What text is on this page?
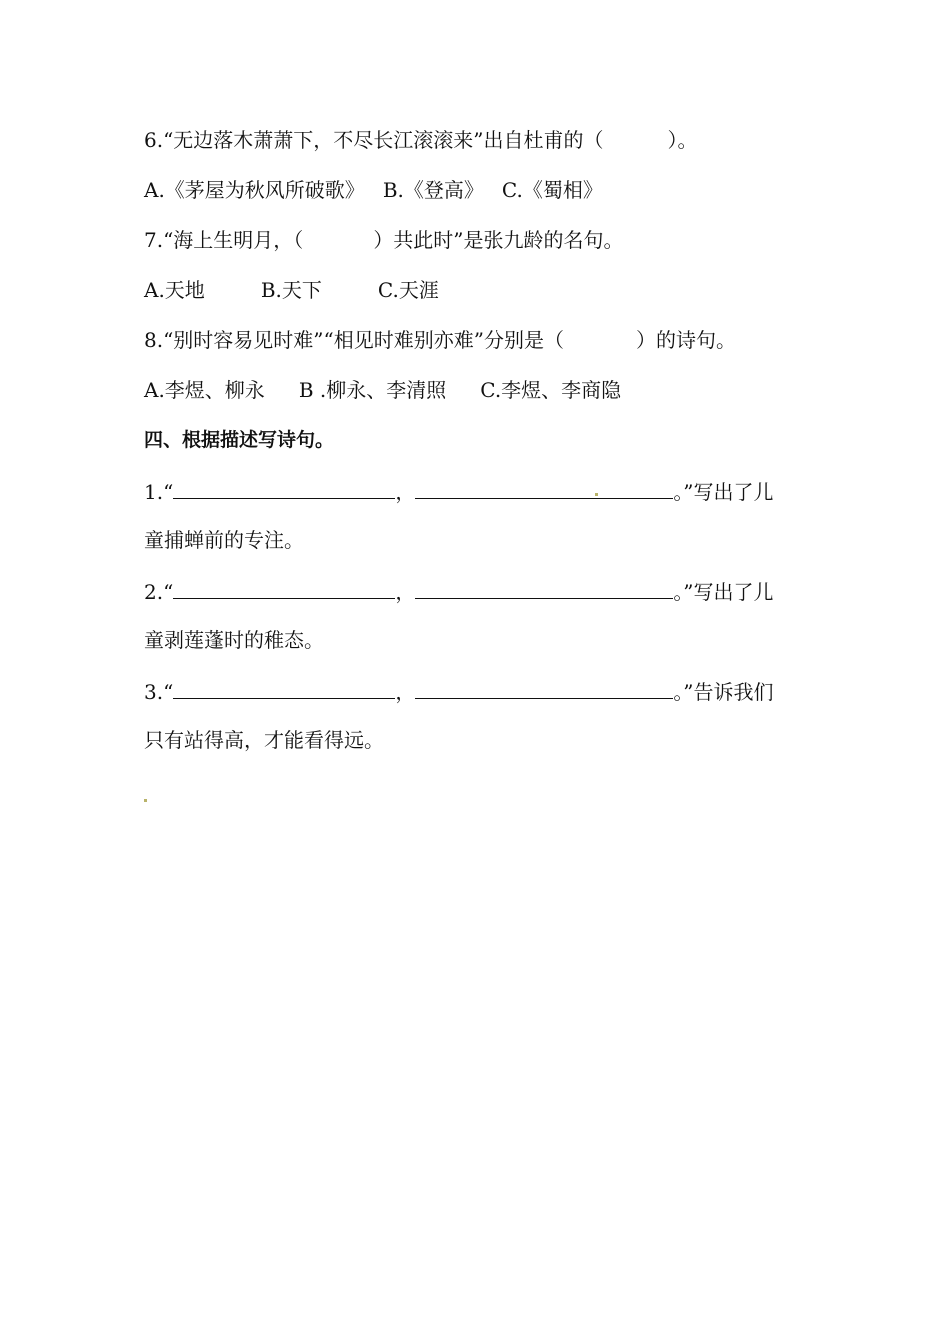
6.“无边落木萧萧下，不尽长江滚滚来”出自杜甫的（	）。
A.《茅屋为秋风所破歌》 B.《登高》 C.《蜀相》
7.“海上生明月，（	）共此时”是张九龄的名句。
A.天地	B.天下	C.天涯
8.“别时容易见时难”“相见时难别亦难”分别是（	）的诗句。
A.李煜、柳永 B .柳永、李清照 C.李煜、李商隐
四、根据描述写诗句。
1.“	，	。”写出了儿
童捕蝉前的专注。
2.“	，	。”写出了儿
童剥莲蓬时的稚态。
3.“	，	。”告诉我们
只有站得高，才能看得远。
